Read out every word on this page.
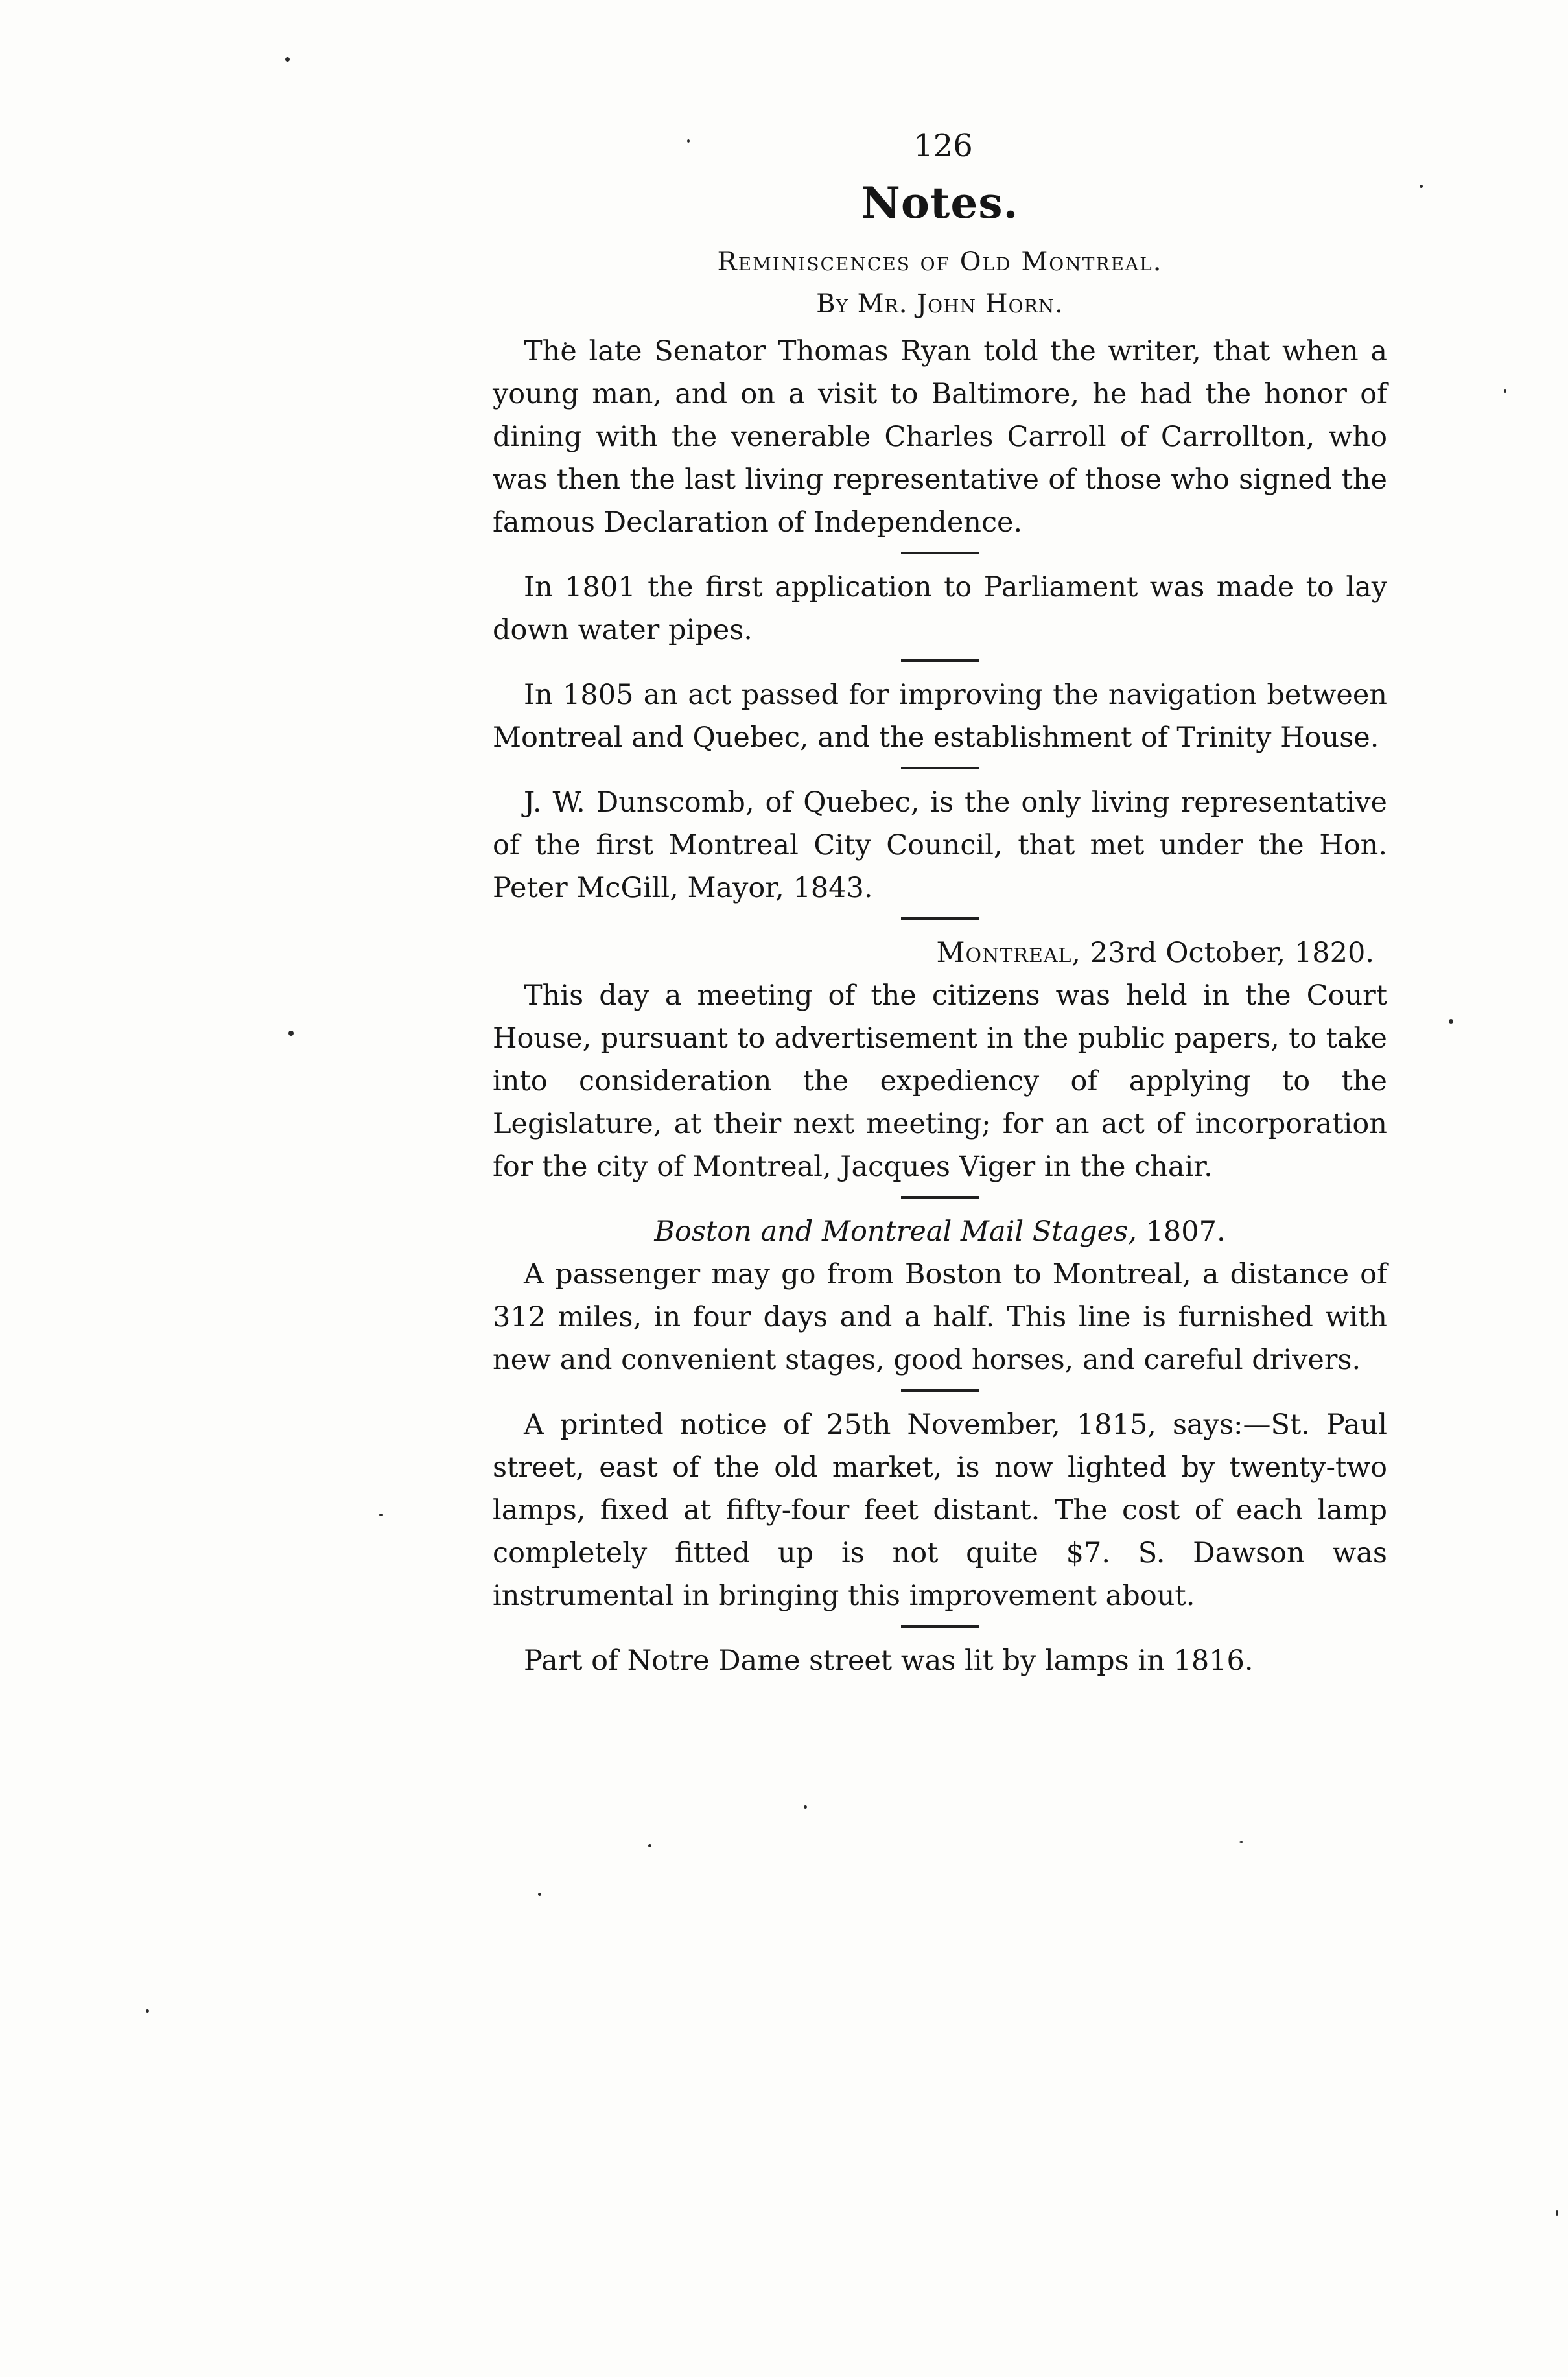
126
Notes.
Reminiscences of Old Montreal.
By Mr. John Horn.

The late Senator Thomas Ryan told the writer, that when a young man, and on a visit to Baltimore, he had the honor of dining with the venerable Charles Carroll of Carrollton, who was then the last living representative of those who signed the famous Declaration of Independence.

In 1801 the first application to Parliament was made to lay down water pipes.

In 1805 an act passed for improving the navigation between Montreal and Quebec, and the establishment of Trinity House.

J. W. Dunscomb, of Quebec, is the only living representative of the first Montreal City Council, that met under the Hon. Peter McGill, Mayor, 1843.

Montreal, 23rd October, 1820.

This day a meeting of the citizens was held in the Court House, pursuant to advertisement in the public papers, to take into consideration the expediency of applying to the Legislature, at their next meeting; for an act of incorporation for the city of Montreal, Jacques Viger in the chair.

Boston and Montreal Mail Stages, 1807.

A passenger may go from Boston to Montreal, a distance of 312 miles, in four days and a half. This line is furnished with new and convenient stages, good horses, and careful drivers.

A printed notice of 25th November, 1815, says:—St. Paul street, east of the old market, is now lighted by twenty-two lamps, fixed at fifty-four feet distant. The cost of each lamp completely fitted up is not quite $7. S. Dawson was instrumental in bringing this improvement about.

Part of Notre Dame street was lit by lamps in 1816.
